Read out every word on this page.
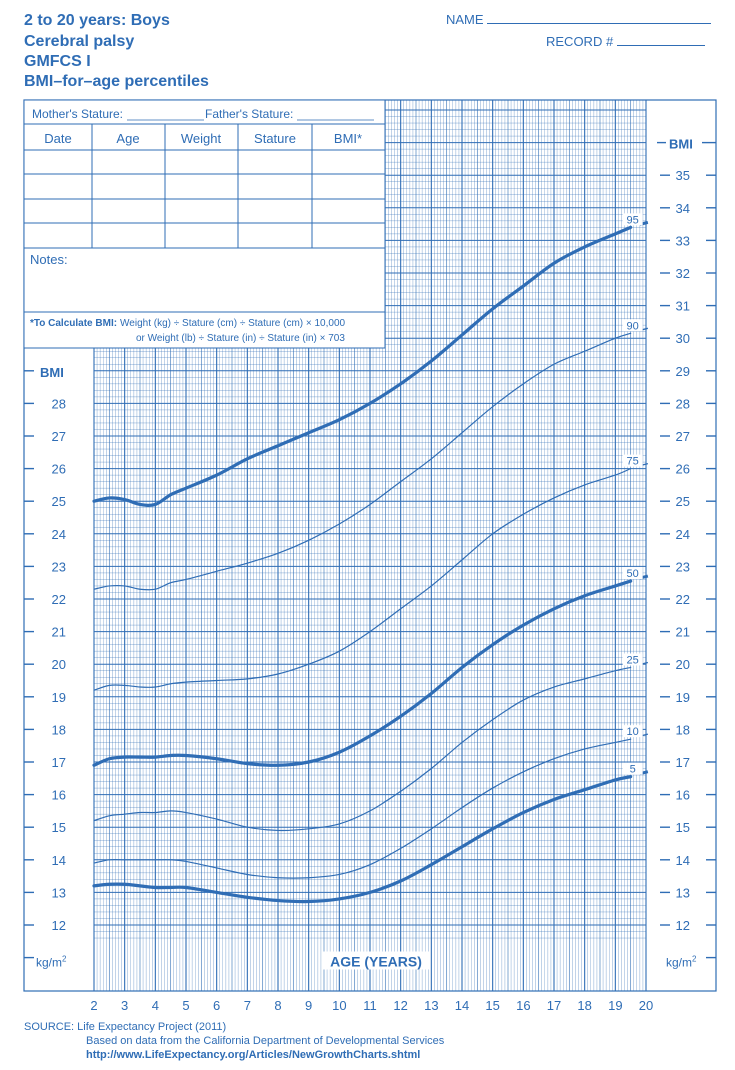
2 to 20 years: Boys
Cerebral palsy
GMFCS I
BMI–for–age percentiles
NAME
RECORD #
Mother's Stature:	Father's Stature:
Date	Age	Weight	Stature	BMI*
Notes:
*To Calculate BMI: Weight (kg) ÷ Stature (cm) ÷ Stature (cm) × 10,000
or Weight (lb) ÷ Stature (in) ÷ Stature (in) × 703
95
90
75
50
25
10
5
12
13
14
15
16
17
18
19
20
21
22
23
24
25
26
27
28
12
13
14
15
16
17
18
19
20
21
22
23
24
25
26
27
28
29
30
31
32
33
34
35
BMI
BMI
$kg/m^2$	$kg/m^2$
AGE (YEARS)
2 3 4 5 6 7 8 9 10 11 12 13 14 15 16 17 18 19 20
SOURCE: Life Expectancy Project (2011)
Based on data from the California Department of Developmental Services
http://www.LifeExpectancy.org/Articles/NewGrowthCharts.shtml
